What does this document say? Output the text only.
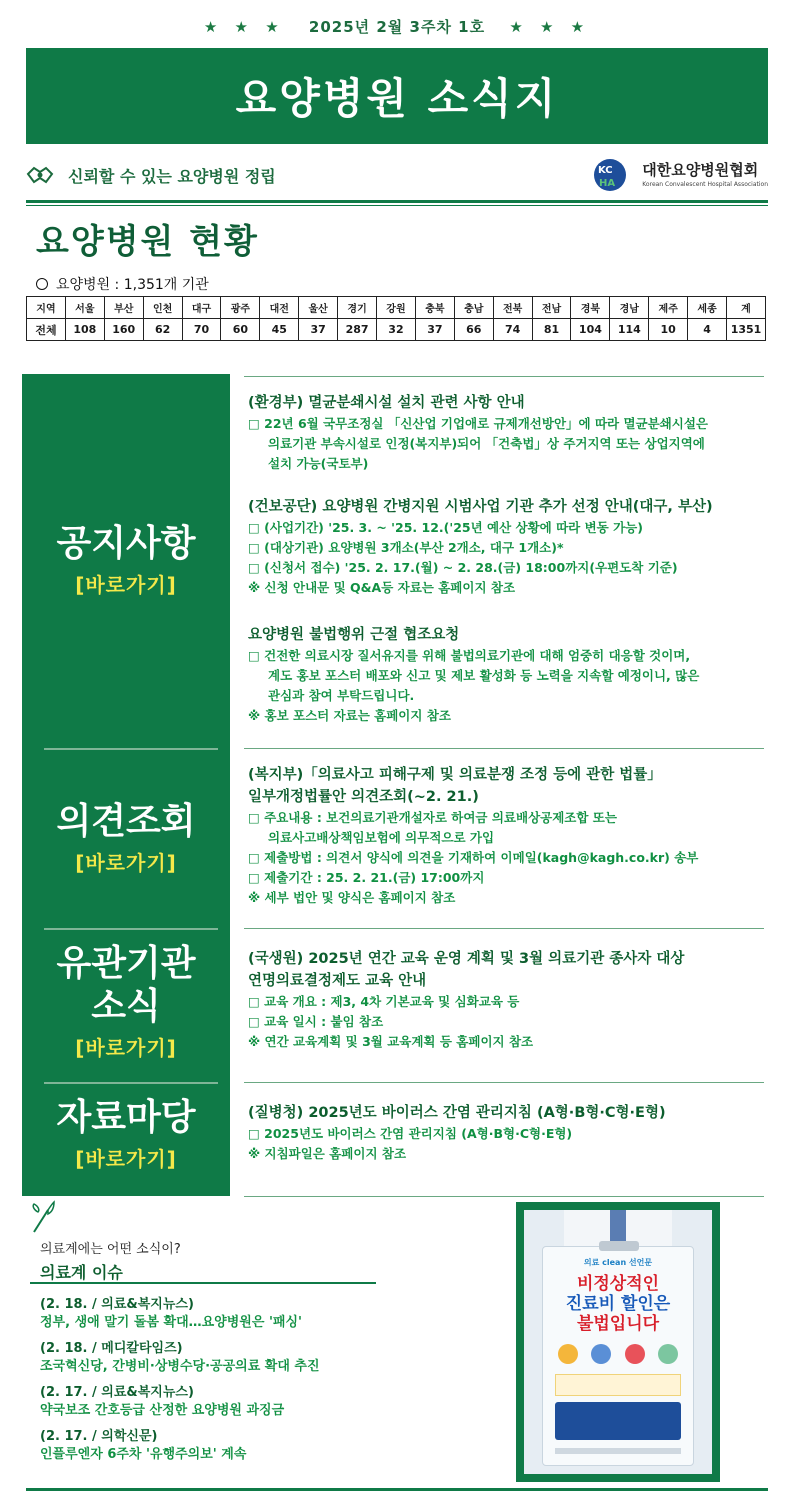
★ ★ ★ 2025년 2월 3주차 1호 ★ ★ ★
요양병원 소식지
신뢰할 수 있는 요양병원 정립	KC
HA
대한요양병원협회
Korean Convalescent Hospital Association
요양병원 현황
요양병원 : 1,351개 기관
지역	서울	부산	인천	대구	광주	대전	울산	경기	강원	충북	충남	전북	전남	경북	경남	제주	세종	계
전체	108	160	62	70	60	45	37	287	32	37	66	74	81	104	114	10	4	1351
공지사항
[바로가기]
의견조회
[바로가기]
유관기관
소식
[바로가기]
자료마당
[바로가기]
(환경부) 멸균분쇄시설 설치 관련 사항 안내
□ 22년 6월 국무조정실 「신산업 기업애로 규제개선방안」에 따라 멸균분쇄시설은
의료기관 부속시설로 인정(복지부)되어 「건축법」상 주거지역 또는 상업지역에
설치 가능(국토부)
(건보공단) 요양병원 간병지원 시범사업 기관 추가 선정 안내(대구, 부산)
□ (사업기간) '25. 3. ~ '25. 12.('25년 예산 상황에 따라 변동 가능)
□ (대상기관) 요양병원 3개소(부산 2개소, 대구 1개소)*
□ (신청서 접수) '25. 2. 17.(월) ~ 2. 28.(금) 18:00까지(우편도착 기준)
※ 신청 안내문 및 Q&A등 자료는 홈페이지 참조
요양병원 불법행위 근절 협조요청
□ 건전한 의료시장 질서유지를 위해 불법의료기관에 대해 엄중히 대응할 것이며,
계도 홍보 포스터 배포와 신고 및 제보 활성화 등 노력을 지속할 예정이니, 많은
관심과 참여 부탁드립니다.
※ 홍보 포스터 자료는 홈페이지 참조
(복지부)「의료사고 피해구제 및 의료분쟁 조정 등에 관한 법률」
일부개정법률안 의견조회(~2. 21.)
□ 주요내용 : 보건의료기관개설자로 하여금 의료배상공제조합 또는
의료사고배상책임보험에 의무적으로 가입
□ 제출방법 : 의견서 양식에 의견을 기재하여 이메일(kagh@kagh.co.kr) 송부
□ 제출기간 : 25. 2. 21.(금) 17:00까지
※ 세부 법안 및 양식은 홈페이지 참조
(국생원) 2025년 연간 교육 운영 계획 및 3월 의료기관 종사자 대상
연명의료결정제도 교육 안내
□ 교육 개요 : 제3, 4차 기본교육 및 심화교육 등
□ 교육 일시 : 붙임 참조
※ 연간 교육계획 및 3월 교육계획 등 홈페이지 참조
(질병청) 2025년도 바이러스 간염 관리지침 (A형·B형·C형·E형)
□ 2025년도 바이러스 간염 관리지침 (A형·B형·C형·E형)
※ 지침파일은 홈페이지 참조
의료계에는 어떤 소식이?
의료계 이슈
(2. 18. / 의료&복지뉴스)
정부, 생애 말기 돌봄 확대…요양병원은 '패싱'
(2. 18. / 메디칼타임즈)
조국혁신당, 간병비·상병수당·공공의료 확대 추진
(2. 17. / 의료&복지뉴스)
약국보조 간호등급 산정한 요양병원 과징금
(2. 17. / 의학신문)
인플루엔자 6주차 '유행주의보' 계속
의료 clean 선언문
비정상적인
진료비 할인은
불법입니다
